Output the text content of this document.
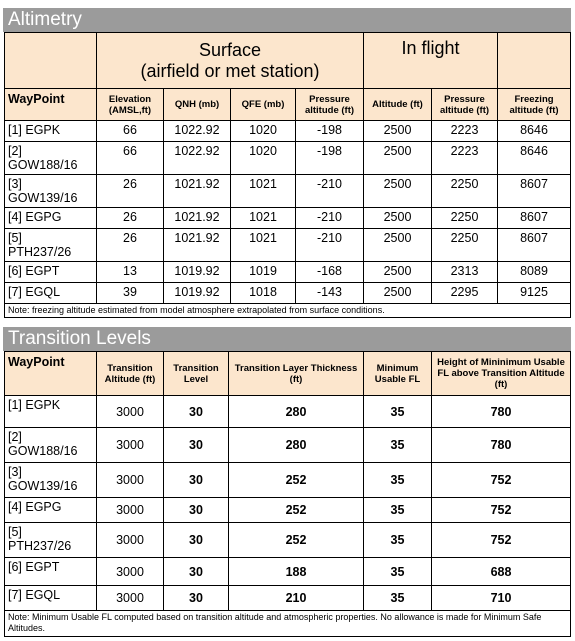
Altimetry

	Surface
(airfield or met station)				In flight		
WayPoint	Elevation (AMSL,ft)	QNH (mb)	QFE (mb)	Pressure altitude (ft)	Altitude (ft)	Pressure altitude (ft)	Freezing altitude (ft)

[1] EGPK	66	1022.92	1020	-198	2500	2223	8646

[2]
GOW188/16	66	1022.92	1020	-198	2500	2223	8646

[3]
GOW139/16	26	1021.92	1021	-210	2500	2250	8607

[4] EGPG	26	1021.92	1021	-210	2500	2250	8607

[5]
PTH237/26	26	1021.92	1021	-210	2500	2250	8607

[6] EGPT	13	1019.92	1019	-168	2500	2313	8089

[7] EGQL	39	1019.92	1018	-143	2500	2295	9125
Note: freezing altitude estimated from model atmosphere extrapolated from surface conditions.							
Transition Levels
WayPoint	Transition Altitude (ft)	Transition Level	Transition Layer Thickness (ft)	Minimum Usable FL	Height of Mininimum Usable FL above Transition Altitude (ft)

[1] EGPK	3000	30	280	35	780

[2]
GOW188/16	3000	30	280	35	780

[3]
GOW139/16	3000	30	252	35	752

[4] EGPG	3000	30	252	35	752

[5]
PTH237/26	3000	30	252	35	752

[6] EGPT	3000	30	188	35	688

[7] EGQL	3000	30	210	35	710
Note: Minimum Usable FL computed based on transition altitude and atmospheric properties. No allowance is made for Minimum Safe Altitudes.					
